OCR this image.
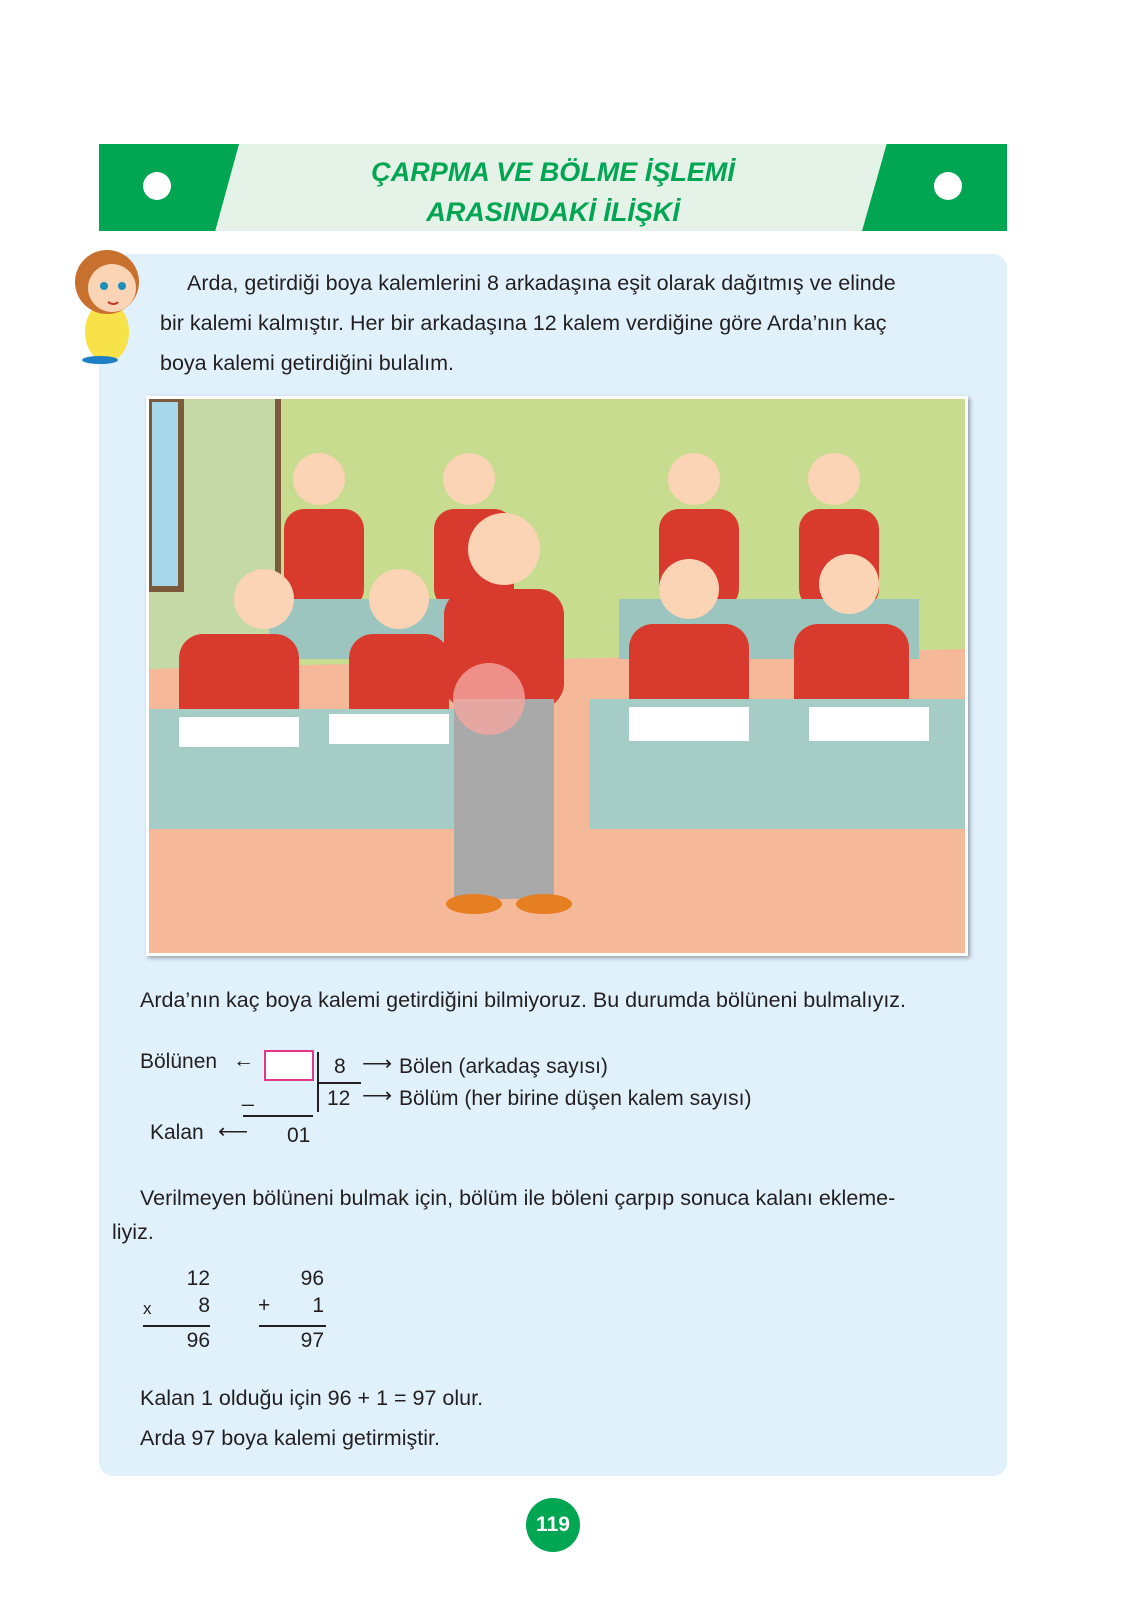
ÇARPMA VE BÖLME İŞLEMİ
ARASINDAKİ İLİŞKİ
Arda, getirdiği boya kalemlerini 8 arkadaşına eşit olarak dağıtmış ve elinde
bir kalemi kalmıştır. Her bir arkadaşına 12 kalem verdiğine göre Arda’nın kaç
boya kalemi getirdiğini bulalım.
Arda’nın kaç boya kalemi getirdiğini bilmiyoruz. Bu durumda bölüneni bulmalıyız.
Bölünen ←	8 ⟶ Bölen (arkadaş sayısı)
12 ⟶ Bölüm (her birine düşen kalem sayısı)
_
Kalan ⟵ 01
Verilmeyen bölüneni bulmak için, bölüm ile böleni çarpıp sonuca kalanı ekleme-
liyiz.
12
x	8
96
96
+	1
97
Kalan 1 olduğu için 96 + 1 = 97 olur.
Arda 97 boya kalemi getirmiştir.
119
